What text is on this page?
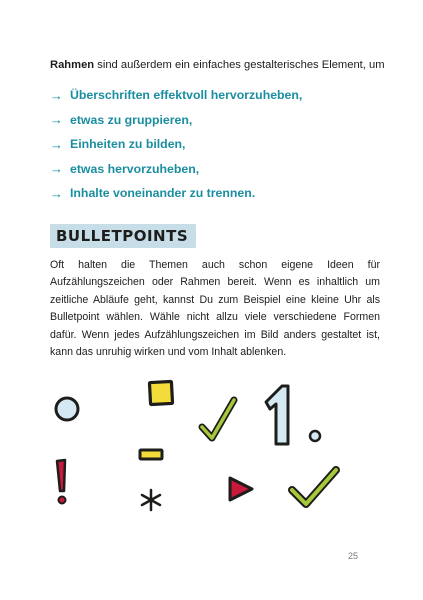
Rahmen sind außerdem ein einfaches gestalterisches Element, um

→ Überschriften effektvoll hervorzuheben,
→ etwas zu gruppieren,
→ Einheiten zu bilden,
→ etwas hervorzuheben,
→ Inhalte voneinander zu trennen.
BULLETPOINTS

Oft halten die Themen auch schon eigene Ideen für Aufzählungszeichen oder Rahmen bereit. Wenn es inhaltlich um zeitliche Abläufe geht, kannst Du zum Beispiel eine kleine Uhr als Bulletpoint wählen. Wähle nicht allzu viele verschiedene Formen dafür. Wenn jedes Aufzählungszeichen im Bild anders gestaltet ist, kann das unruhig wirken und vom Inhalt ablenken.

25
